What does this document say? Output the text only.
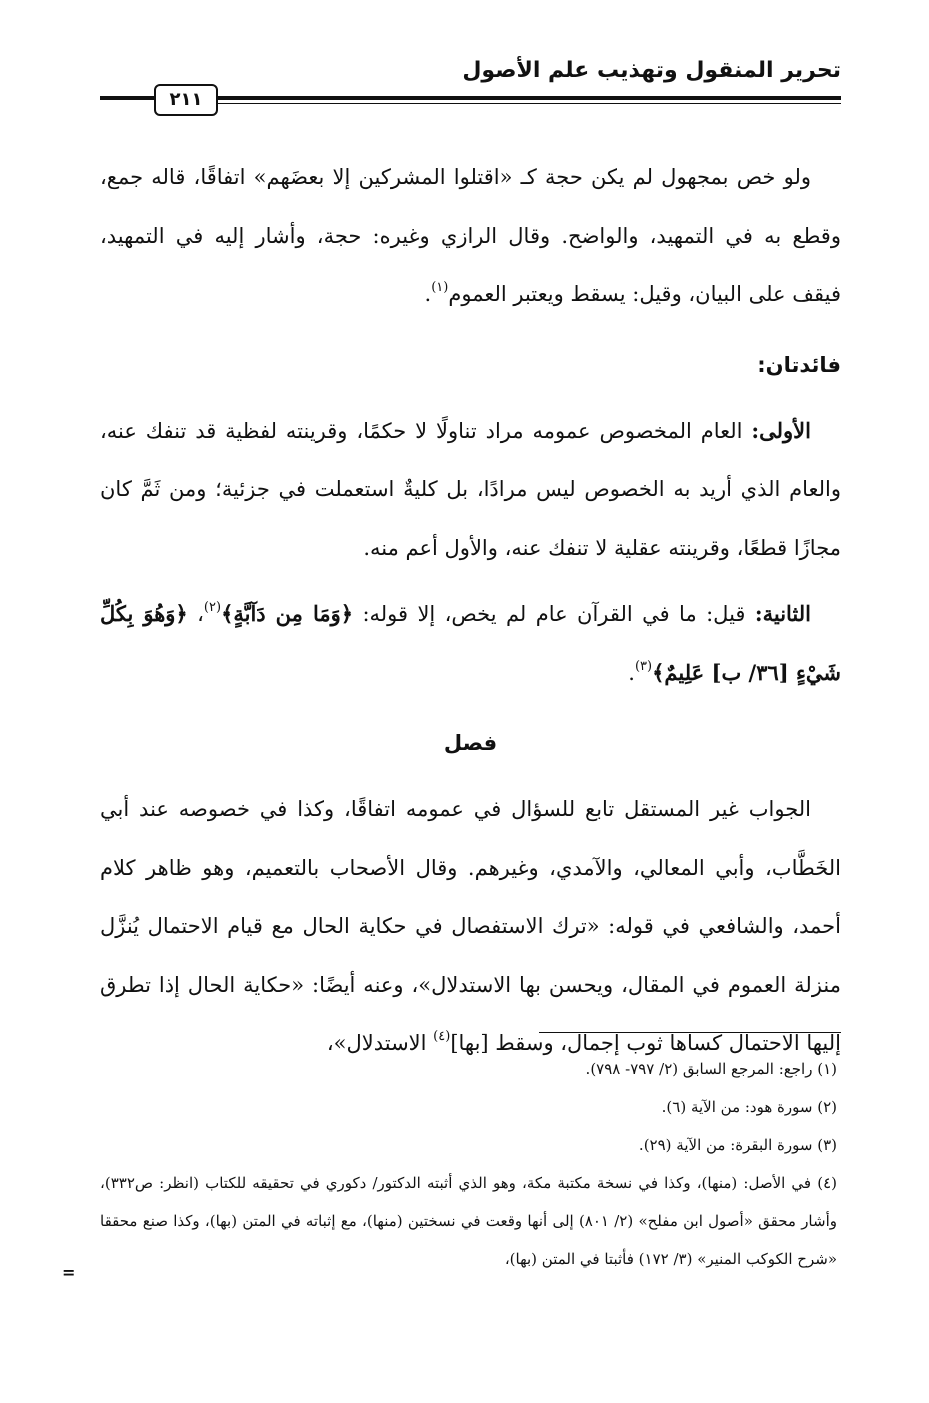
تحرير المنقول وتهذيب علم الأصول
٢١١

ولو خص بمجهول لم يكن حجة كـ «اقتلوا المشركين إلا بعضَهم» اتفاقًا، قاله جمع، وقطع به في التمهيد، والواضح. وقال الرازي وغيره: حجة، وأشار إليه في التمهيد، فيقف على البيان، وقيل: يسقط ويعتبر العموم$^{(١)}$.

فائدتان:

الأولى: العام المخصوص عمومه مراد تناولًا لا حكمًا، وقرينته لفظية قد تنفك عنه، والعام الذي أريد به الخصوص ليس مرادًا، بل كليةٌ استعملت في جزئية؛ ومن ثَمَّ كان مجازًا قطعًا، وقرينته عقلية لا تنفك عنه، والأول أعم منه.

الثانية: قيل: ما في القرآن عام لم يخص، إلا قوله: ﴿وَمَا مِن دَآبَّةٍ﴾$^{(٢)}$، ﴿وَهُوَ بِكُلِّ شَيْءٍ [٣٦/ ب] عَلِيمٌ﴾$^{(٣)}$.

فصل

الجواب غير المستقل تابع للسؤال في عمومه اتفاقًا، وكذا في خصوصه عند أبي الخَطَّاب، وأبي المعالي، والآمدي، وغيرهم. وقال الأصحاب بالتعميم، وهو ظاهر كلام أحمد، والشافعي في قوله: «ترك الاستفصال في حكاية الحال مع قيام الاحتمال يُنزَّل منزلة العموم في المقال، ويحسن بها الاستدلال»، وعنه أيضًا: «حكاية الحال إذا تطرق إليها الاحتمال كساها ثوب إجمال، وسقط [بها]$^{(٤)}$ الاستدلال»،

(١) راجع: المرجع السابق (٢/ ٧٩٧- ٧٩٨).

(٢) سورة هود: من الآية (٦).

(٣) سورة البقرة: من الآية (٢٩).

(٤) في الأصل: (منها)، وكذا في نسخة مكتبة مكة، وهو الذي أثبته الدكتور/ دكوري في تحقيقه للكتاب (انظر: ص٣٣٢)، وأشار محقق «أصول ابن مفلح» (٢/ ٨٠١) إلى أنها وقعت في نسختين (منها)، مع إثباته في المتن (بها)، وكذا صنع محققا «شرح الكوكب المنير» (٣/ ١٧٢) فأثبتا في المتن (بها)،

=
